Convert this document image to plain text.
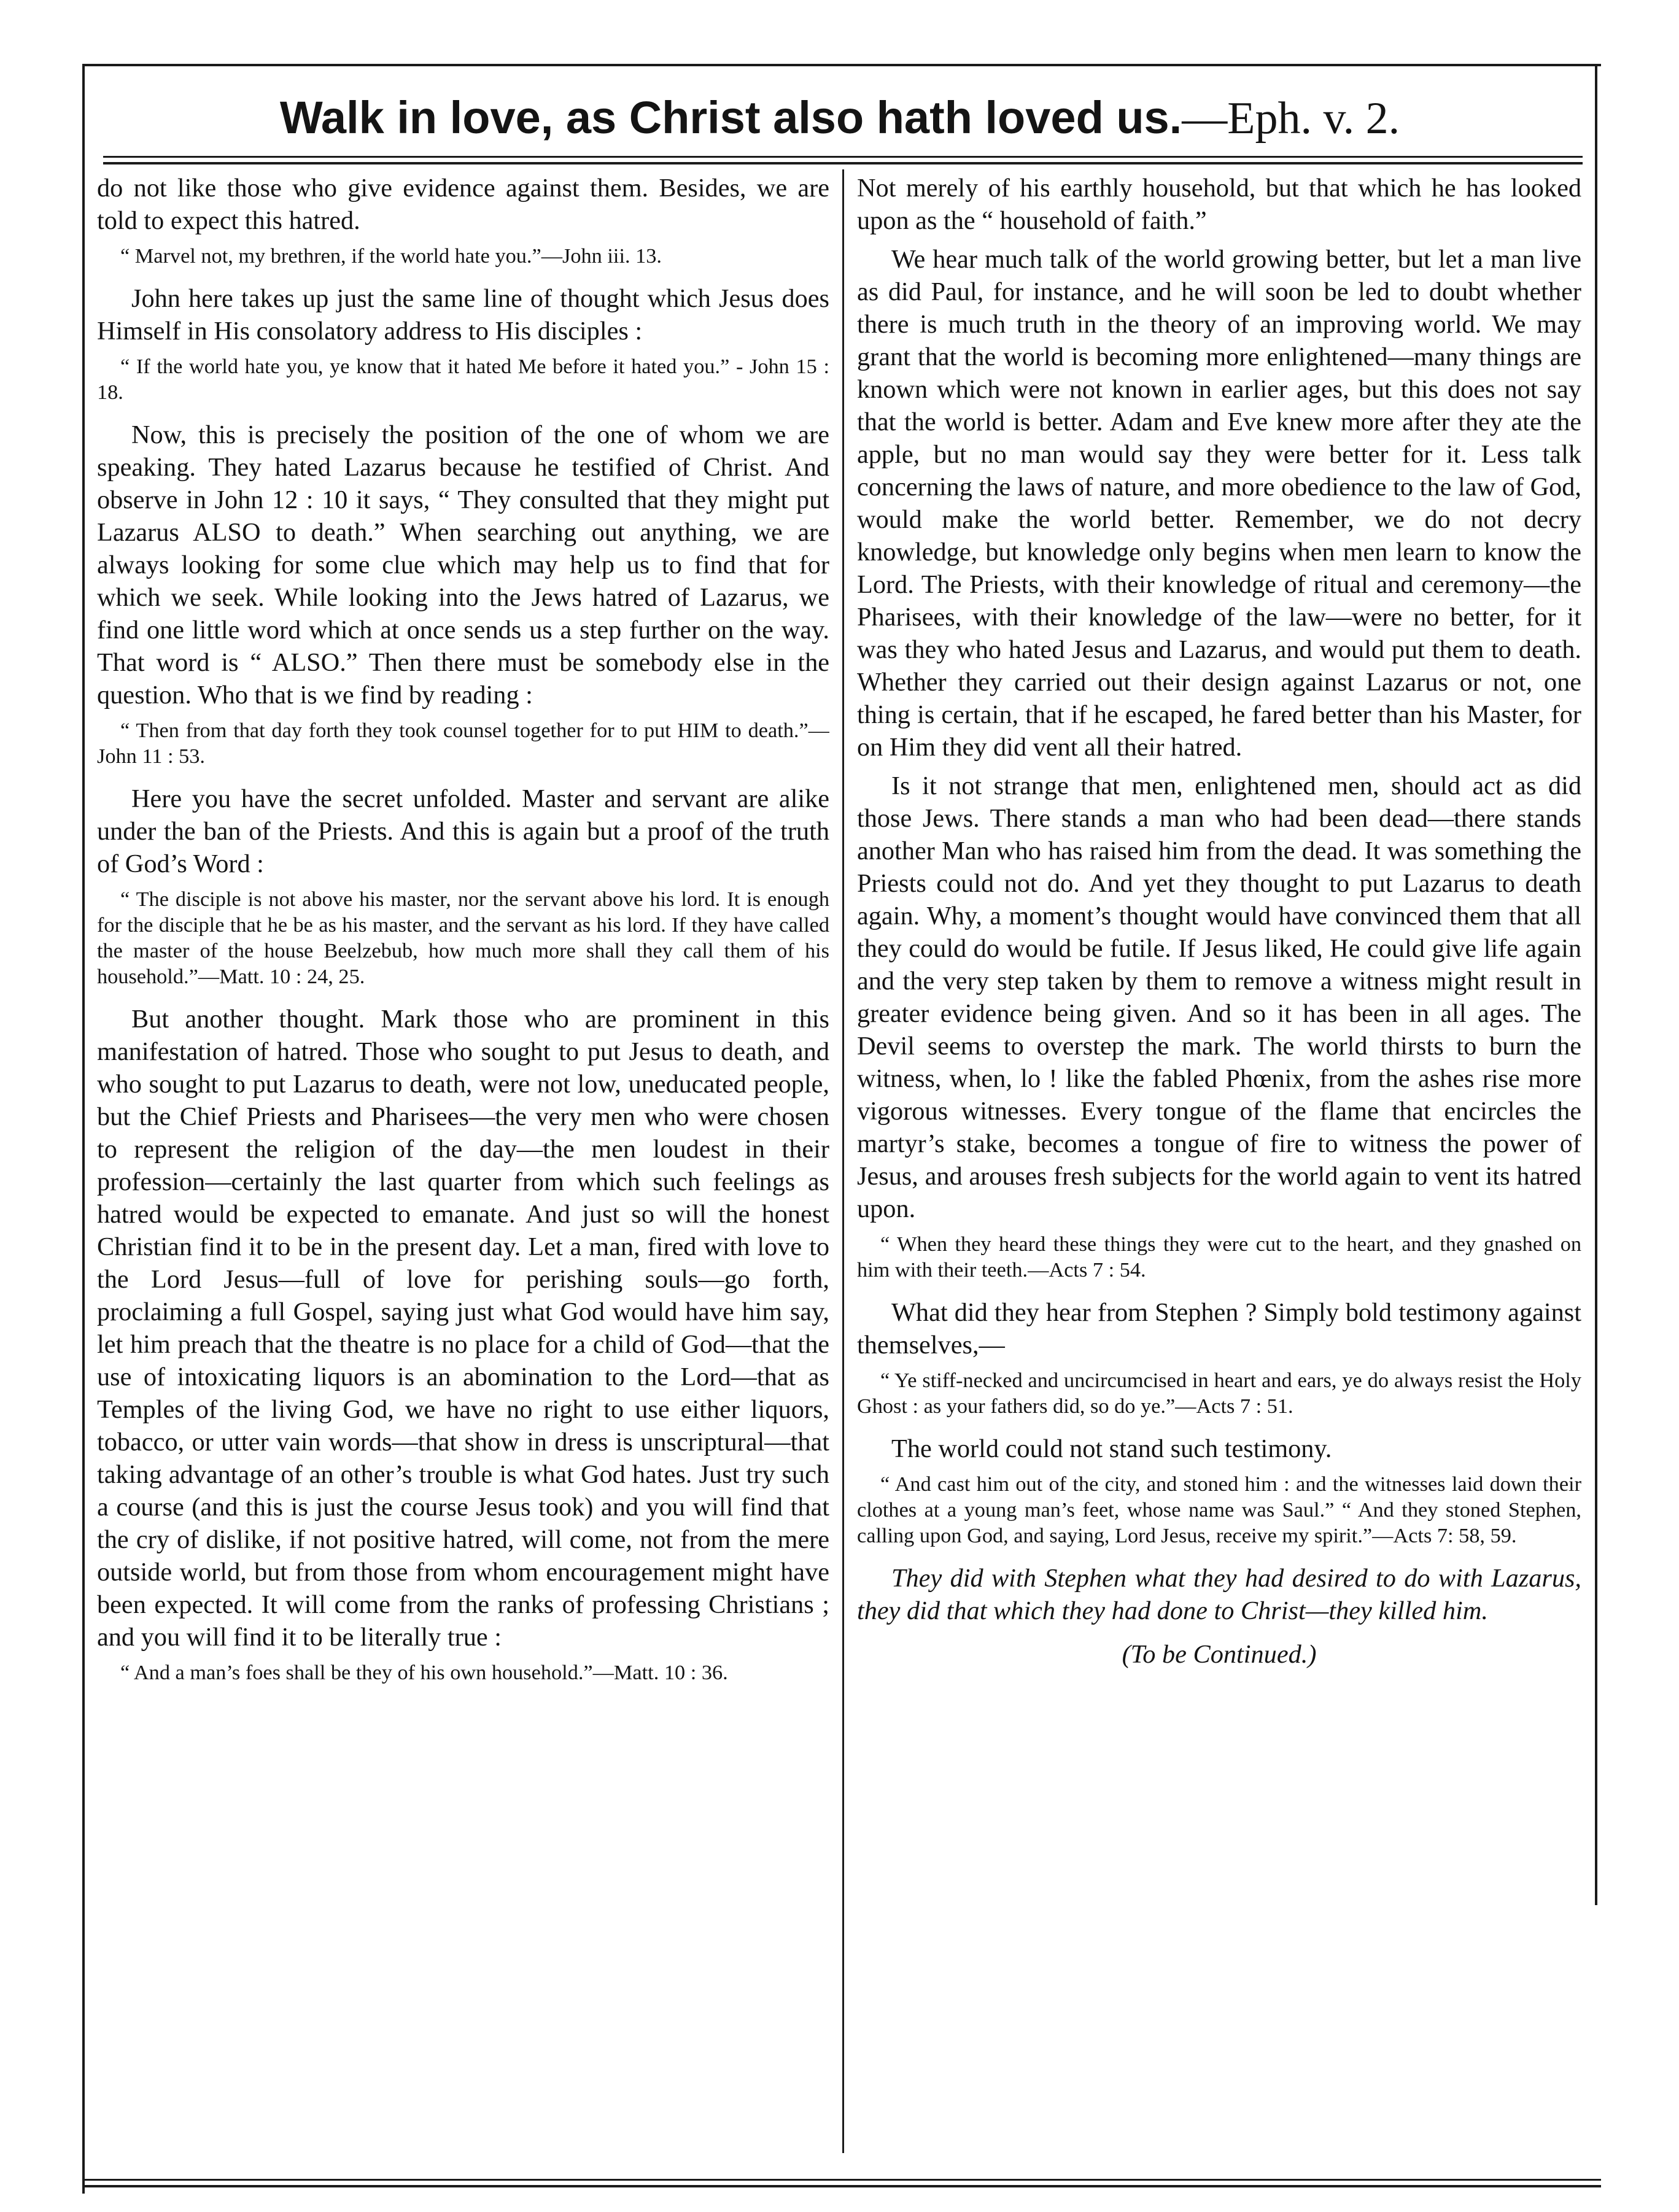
Walk in love, as Christ also hath loved us.—Eph. v. 2.

do not like those who give evidence against them. Besides, we are told to expect this hatred.

“ Marvel not, my brethren, if the world hate you.”—John iii. 13.

John here takes up just the same line of thought which Jesus does Himself in His consolatory address to His disciples :

“ If the world hate you, ye know that it hated Me before it hated you.” - John 15 : 18.

Now, this is precisely the position of the one of whom we are speaking. They hated Lazarus because he testified of Christ. And observe in John 12 : 10 it says, “ They consulted that they might put Lazarus ALSO to death.” When searching out anything, we are always looking for some clue which may help us to find that for which we seek. While looking into the Jews hatred of Lazarus, we find one little word which at once sends us a step further on the way. That word is “ ALSO.” Then there must be somebody else in the question. Who that is we find by reading :

“ Then from that day forth they took counsel together for to put HIM to death.”—John 11 : 53.

Here you have the secret unfolded. Master and servant are alike under the ban of the Priests. And this is again but a proof of the truth of God’s Word :

“ The disciple is not above his master, nor the servant above his lord. It is enough for the disciple that he be as his master, and the servant as his lord. If they have called the master of the house Beelzebub, how much more shall they call them of his household.”—Matt. 10 : 24, 25.

But another thought. Mark those who are prominent in this manifestation of hatred. Those who sought to put Jesus to death, and who sought to put Lazarus to death, were not low, uneducated people, but the Chief Priests and Pharisees—the very men who were chosen to represent the religion of the day—the men loudest in their profession—certainly the last quarter from which such feelings as hatred would be expected to emanate. And just so will the honest Christian find it to be in the present day. Let a man, fired with love to the Lord Jesus—full of love for perishing souls—go forth, proclaiming a full Gospel, saying just what God would have him say, let him preach that the theatre is no place for a child of God—that the use of intoxicating liquors is an abomination to the Lord—that as Temples of the living God, we have no right to use either liquors, tobacco, or utter vain words—that show in dress is unscriptural—that taking advantage of an other’s trouble is what God hates. Just try such a course (and this is just the course Jesus took) and you will find that the cry of dislike, if not positive hatred, will come, not from the mere outside world, but from those from whom encouragement might have been expected. It will come from the ranks of professing Christians ; and you will find it to be literally true :

“ And a man’s foes shall be they of his own household.”—Matt. 10 : 36.

Not merely of his earthly household, but that which he has looked upon as the “ household of faith.”

We hear much talk of the world growing better, but let a man live as did Paul, for instance, and he will soon be led to doubt whether there is much truth in the theory of an improving world. We may grant that the world is becoming more enlightened—many things are known which were not known in earlier ages, but this does not say that the world is better. Adam and Eve knew more after they ate the apple, but no man would say they were better for it. Less talk concerning the laws of nature, and more obedience to the law of God, would make the world better. Remember, we do not decry knowledge, but knowledge only begins when men learn to know the Lord. The Priests, with their knowledge of ritual and ceremony—the Pharisees, with their knowledge of the law—were no better, for it was they who hated Jesus and Lazarus, and would put them to death. Whether they carried out their design against Lazarus or not, one thing is certain, that if he escaped, he fared better than his Master, for on Him they did vent all their hatred.

Is it not strange that men, enlightened men, should act as did those Jews. There stands a man who had been dead—there stands another Man who has raised him from the dead. It was something the Priests could not do. And yet they thought to put Lazarus to death again. Why, a moment’s thought would have convinced them that all they could do would be futile. If Jesus liked, He could give life again and the very step taken by them to remove a witness might result in greater evidence being given. And so it has been in all ages. The Devil seems to overstep the mark. The world thirsts to burn the witness, when, lo ! like the fabled Phœnix, from the ashes rise more vigorous witnesses. Every tongue of the flame that encircles the martyr’s stake, becomes a tongue of fire to witness the power of Jesus, and arouses fresh subjects for the world again to vent its hatred upon.

“ When they heard these things they were cut to the heart, and they gnashed on him with their teeth.—Acts 7 : 54.

What did they hear from Stephen ? Simply bold testimony against themselves,—

“ Ye stiff-necked and uncircumcised in heart and ears, ye do always resist the Holy Ghost : as your fathers did, so do ye.”—Acts 7 : 51.

The world could not stand such testimony.

“ And cast him out of the city, and stoned him : and the witnesses laid down their clothes at a young man’s feet, whose name was Saul.” “ And they stoned Stephen, calling upon God, and saying, Lord Jesus, receive my spirit.”—Acts 7: 58, 59.

They did with Stephen what they had desired to do with Lazarus, they did that which they had done to Christ—they killed him.

(To be Continued.)
